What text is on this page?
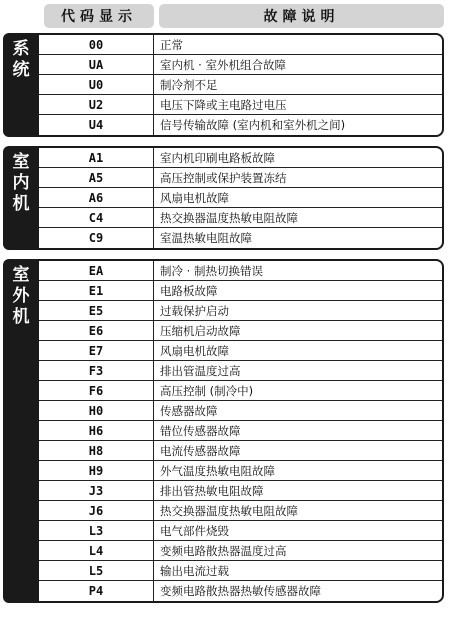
代码显示	故障说明
系
统
00	正常
UA	室内机 · 室外机组合故障
U0	制冷剂不足
U2	电压下降或主电路过电压
U4	信号传输故障 (室内机和室外机之间)
室
内
机
A1	室内机印刷电路板故障
A5	高压控制或保护装置冻结
A6	风扇电机故障
C4	热交换器温度热敏电阻故障
C9	室温热敏电阻故障
室
外
机
EA	制冷 · 制热切换错误
E1	电路板故障
E5	过载保护启动
E6	压缩机启动故障
E7	风扇电机故障
F3	排出管温度过高
F6	高压控制 (制冷中)
H0	传感器故障
H6	错位传感器故障
H8	电流传感器故障
H9	外气温度热敏电阻故障
J3	排出管热敏电阻故障
J6	热交换器温度热敏电阻故障
L3	电气部件烧毁
L4	变频电路散热器温度过高
L5	输出电流过载
P4	变频电路散热器热敏传感器故障
